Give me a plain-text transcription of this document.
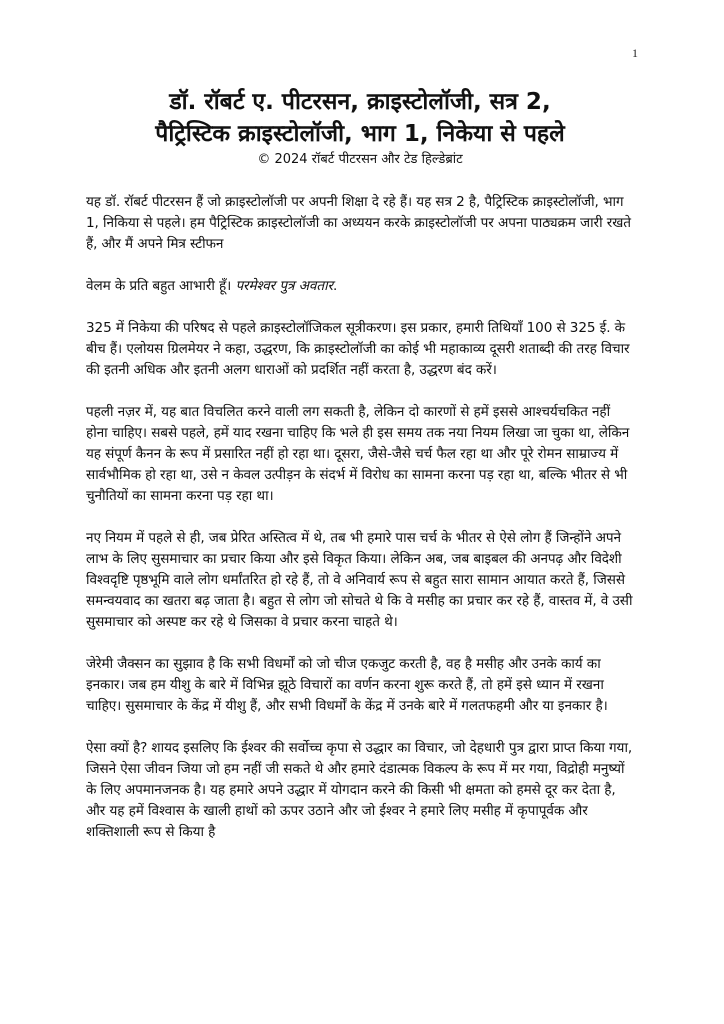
1
डॉ. रॉबर्ट ए. पीटरसन, क्राइस्टोलॉजी, सत्र 2,
पैट्रिस्टिक क्राइस्टोलॉजी, भाग 1, निकेया से पहले

© 2024 रॉबर्ट पीटरसन और टेड हिल्डेब्रांट

यह डॉ. रॉबर्ट पीटरसन हैं जो क्राइस्टोलॉजी पर अपनी शिक्षा दे रहे हैं। यह सत्र 2 है, पैट्रिस्टिक क्राइस्टोलॉजी, भाग 1, निकिया से पहले। हम पैट्रिस्टिक क्राइस्टोलॉजी का अध्ययन करके क्राइस्टोलॉजी पर अपना पाठ्यक्रम जारी रखते हैं, और मैं अपने मित्र स्टीफन

वेलम के प्रति बहुत आभारी हूँ। परमेश्वर पुत्र अवतार.

325 में निकेया की परिषद से पहले क्राइस्टोलॉजिकल सूत्रीकरण। इस प्रकार, हमारी तिथियाँ 100 से 325 ई. के बीच हैं। एलोयस ग्रिलमेयर ने कहा, उद्धरण, कि क्राइस्टोलॉजी का कोई भी महाकाव्य दूसरी शताब्दी की तरह विचार की इतनी अधिक और इतनी अलग धाराओं को प्रदर्शित नहीं करता है, उद्धरण बंद करें।

पहली नज़र में, यह बात विचलित करने वाली लग सकती है, लेकिन दो कारणों से हमें इससे आश्चर्यचकित नहीं होना चाहिए। सबसे पहले, हमें याद रखना चाहिए कि भले ही इस समय तक नया नियम लिखा जा चुका था, लेकिन यह संपूर्ण कैनन के रूप में प्रसारित नहीं हो रहा था। दूसरा, जैसे-जैसे चर्च फैल रहा था और पूरे रोमन साम्राज्य में सार्वभौमिक हो रहा था, उसे न केवल उत्पीड़न के संदर्भ में विरोध का सामना करना पड़ रहा था, बल्कि भीतर से भी चुनौतियों का सामना करना पड़ रहा था।

नए नियम में पहले से ही, जब प्रेरित अस्तित्व में थे, तब भी हमारे पास चर्च के भीतर से ऐसे लोग हैं जिन्होंने अपने लाभ के लिए सुसमाचार का प्रचार किया और इसे विकृत किया। लेकिन अब, जब बाइबल की अनपढ़ और विदेशी विश्वदृष्टि पृष्ठभूमि वाले लोग धर्मांतरित हो रहे हैं, तो वे अनिवार्य रूप से बहुत सारा सामान आयात करते हैं, जिससे समन्वयवाद का खतरा बढ़ जाता है। बहुत से लोग जो सोचते थे कि वे मसीह का प्रचार कर रहे हैं, वास्तव में, वे उसी सुसमाचार को अस्पष्ट कर रहे थे जिसका वे प्रचार करना चाहते थे।

जेरेमी जैक्सन का सुझाव है कि सभी विधर्मों को जो चीज एकजुट करती है, वह है मसीह और उनके कार्य का इनकार। जब हम यीशु के बारे में विभिन्न झूठे विचारों का वर्णन करना शुरू करते हैं, तो हमें इसे ध्यान में रखना चाहिए। सुसमाचार के केंद्र में यीशु हैं, और सभी विधर्मों के केंद्र में उनके बारे में गलतफहमी और या इनकार है।

ऐसा क्यों है? शायद इसलिए कि ईश्वर की सर्वोच्च कृपा से उद्धार का विचार, जो देहधारी पुत्र द्वारा प्राप्त किया गया, जिसने ऐसा जीवन जिया जो हम नहीं जी सकते थे और हमारे दंडात्मक विकल्प के रूप में मर गया, विद्रोही मनुष्यों के लिए अपमानजनक है। यह हमारे अपने उद्धार में योगदान करने की किसी भी क्षमता को हमसे दूर कर देता है, और यह हमें विश्वास के खाली हाथों को ऊपर उठाने और जो ईश्वर ने हमारे लिए मसीह में कृपापूर्वक और शक्तिशाली रूप से किया है
